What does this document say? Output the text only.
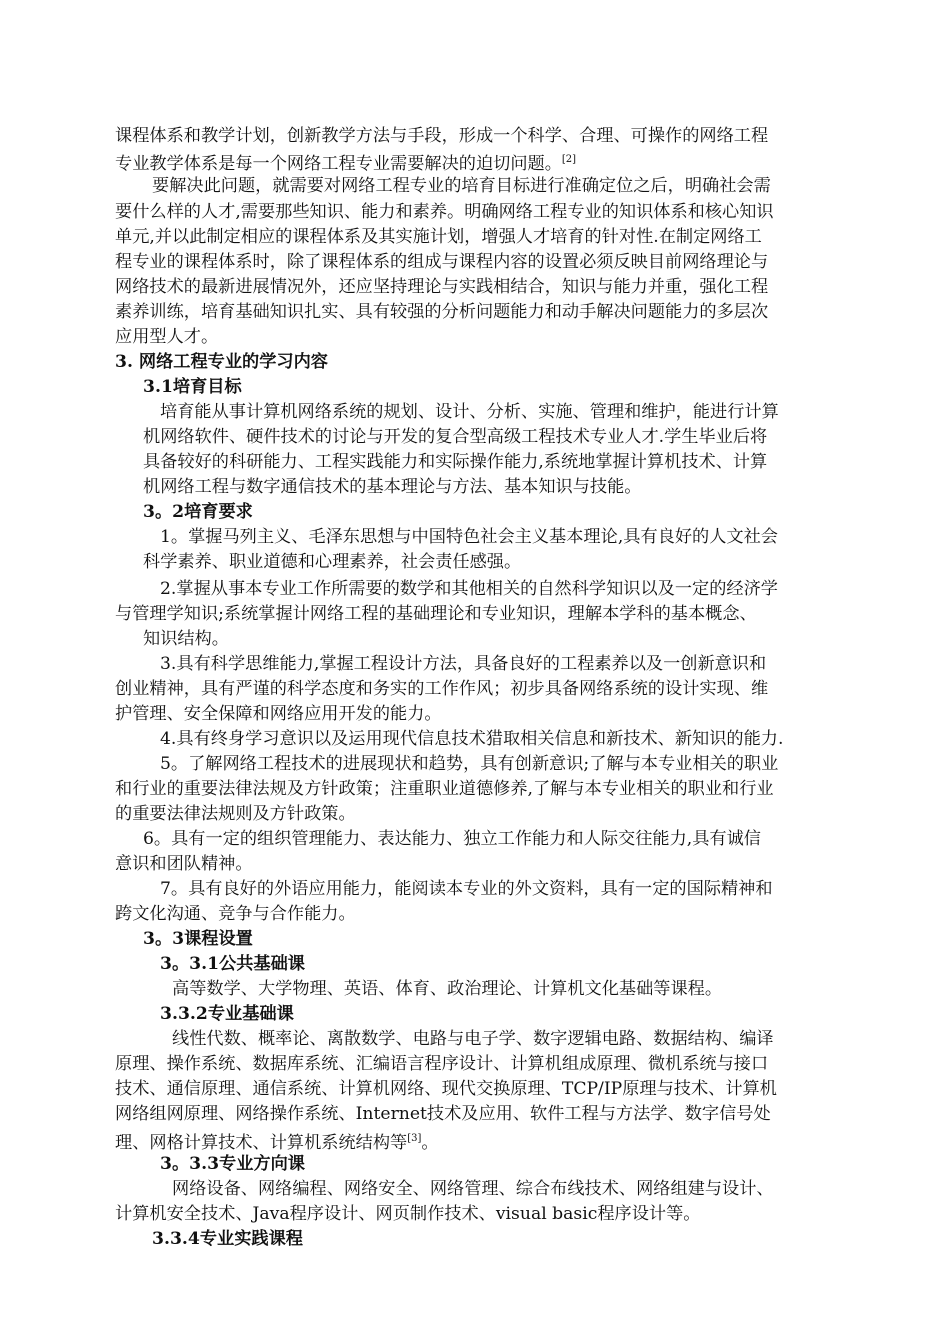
课程体系和教学计划，创新教学方法与手段，形成一个科学、合理、可操作的网络工程
专业教学体系是每一个网络工程专业需要解决的迫切问题。[2]
要解决此问题，就需要对网络工程专业的培育目标进行准确定位之后，明确社会需
要什么样的人才,需要那些知识、能力和素养。明确网络工程专业的知识体系和核心知识
单元,并以此制定相应的课程体系及其实施计划，增强人才培育的针对性.在制定网络工
程专业的课程体系时，除了课程体系的组成与课程内容的设置必须反映目前网络理论与
网络技术的最新进展情况外，还应坚持理论与实践相结合，知识与能力并重，强化工程
素养训练，培育基础知识扎实、具有较强的分析问题能力和动手解决问题能力的多层次
应用型人才。
3. 网络工程专业的学习内容
3.1培育目标
培育能从事计算机网络系统的规划、设计、分析、实施、管理和维护，能进行计算
机网络软件、硬件技术的讨论与开发的复合型高级工程技术专业人才.学生毕业后将
具备较好的科研能力、工程实践能力和实际操作能力,系统地掌握计算机技术、计算
机网络工程与数字通信技术的基本理论与方法、基本知识与技能。
3。2培育要求
1。掌握马列主义、毛泽东思想与中国特色社会主义基本理论,具有良好的人文社会
科学素养、职业道德和心理素养，社会责任感强。
2.掌握从事本专业工作所需要的数学和其他相关的自然科学知识以及一定的经济学
与管理学知识;系统掌握计网络工程的基础理论和专业知识，理解本学科的基本概念、
知识结构。
3.具有科学思维能力,掌握工程设计方法，具备良好的工程素养以及一创新意识和
创业精神，具有严谨的科学态度和务实的工作作风；初步具备网络系统的设计实现、维
护管理、安全保障和网络应用开发的能力。
4.具有终身学习意识以及运用现代信息技术猎取相关信息和新技术、新知识的能力.
5。了解网络工程技术的进展现状和趋势，具有创新意识;了解与本专业相关的职业
和行业的重要法律法规及方针政策；注重职业道德修养,了解与本专业相关的职业和行业
的重要法律法规则及方针政策。
6。具有一定的组织管理能力、表达能力、独立工作能力和人际交往能力,具有诚信
意识和团队精神。
7。具有良好的外语应用能力，能阅读本专业的外文资料，具有一定的国际精神和
跨文化沟通、竞争与合作能力。
3。3课程设置
3。3.1公共基础课
高等数学、大学物理、英语、体育、政治理论、计算机文化基础等课程。
3.3.2专业基础课
线性代数、概率论、离散数学、电路与电子学、数字逻辑电路、数据结构、编译
原理、操作系统、数据库系统、汇编语言程序设计、计算机组成原理、微机系统与接口
技术、通信原理、通信系统、计算机网络、现代交换原理、TCP/IP原理与技术、计算机
网络组网原理、网络操作系统、Internet技术及应用、软件工程与方法学、数字信号处
理、网格计算技术、计算机系统结构等[3]。
3。3.3专业方向课
网络设备、网络编程、网络安全、网络管理、综合布线技术、网络组建与设计、
计算机安全技术、Java程序设计、网页制作技术、visual basic程序设计等。
3.3.4专业实践课程
